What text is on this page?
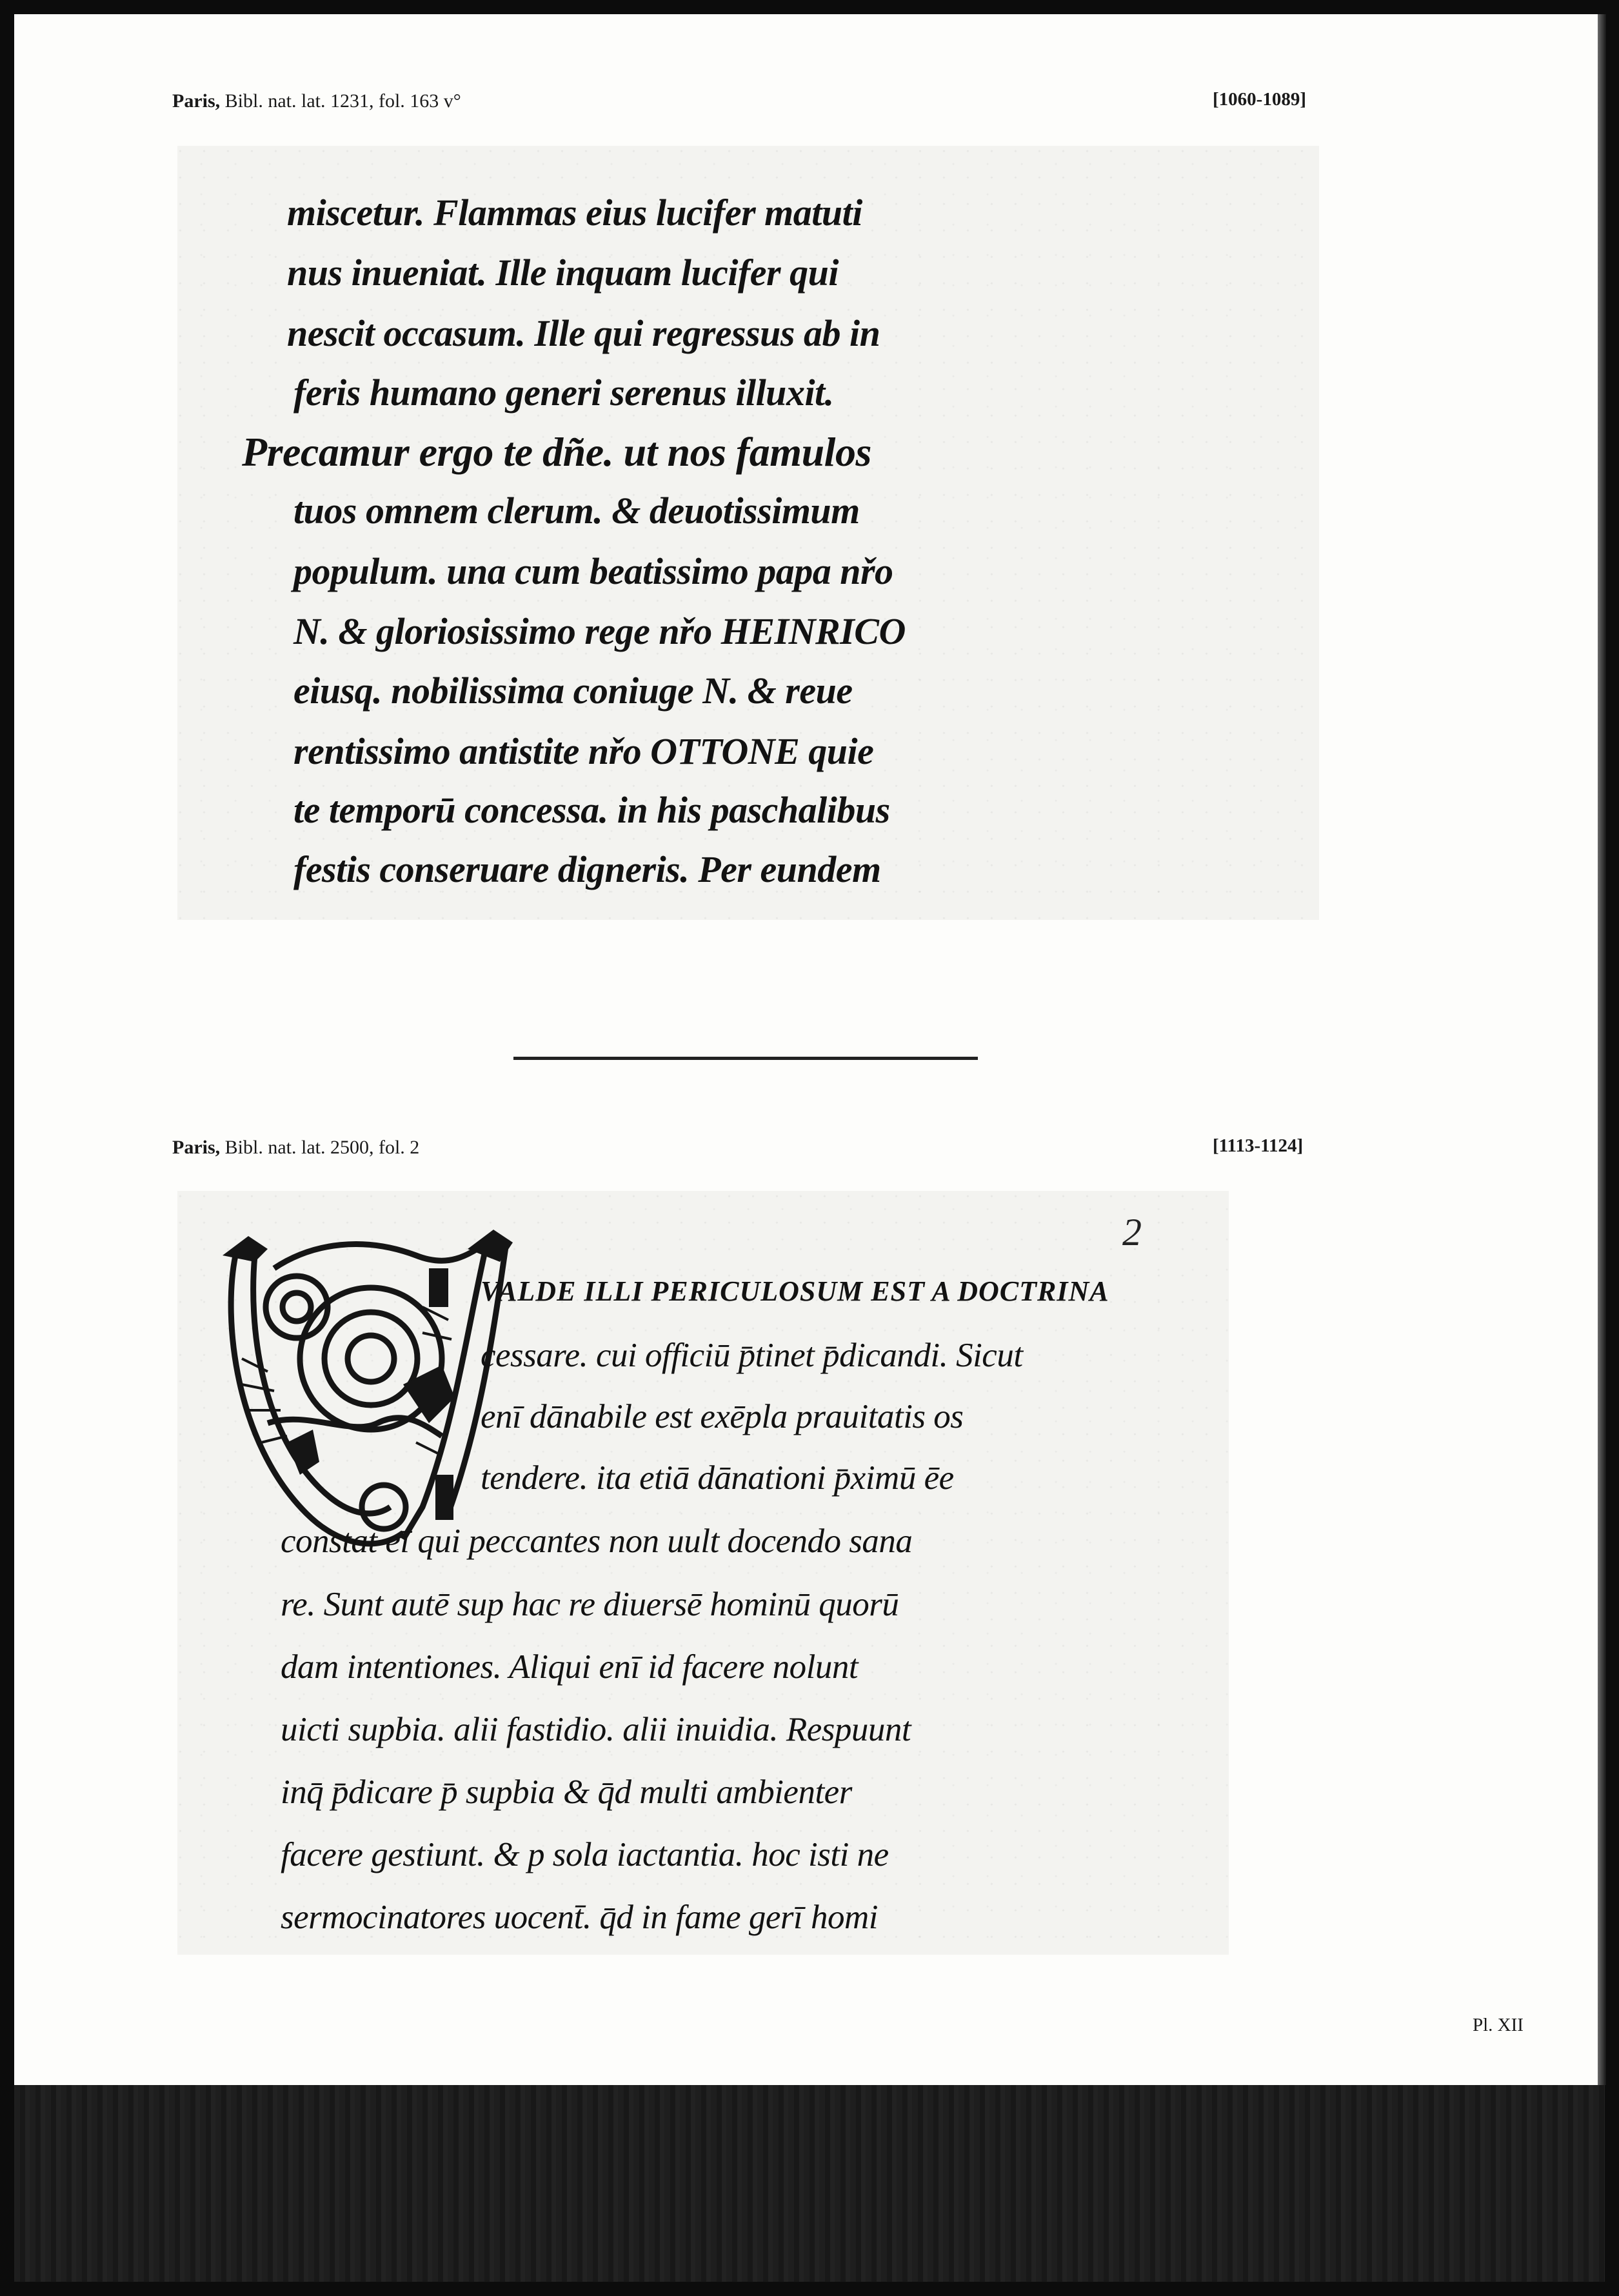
Paris, Bibl. nat. lat. 1231, fol. 163 v°	[1060-1089]
miscetur. Flammas eius lucifer matuti
nus inueniat. Ille inquam lucifer qui
nescit occasum. Ille qui regressus ab in
feris humano generi serenus illuxit.
Precamur ergo te dñe. ut nos famulos
tuos omnem clerum. & deuotissimum
populum. una cum beatissimo papa nřo
N. & gloriosissimo rege nřo HEINRICO
eiusq. nobilissima coniuge N. & reue
rentissimo antistite nřo OTTONE quie
te temporū concessa. in his paschalibus
festis conseruare digneris. Per eundem
Paris, Bibl. nat. lat. 2500, fol. 2	[1113-1124]
2
VALDE ILLI PERICULOSUM EST A DOCTRINA
cessare. cui officiū p̄tinet p̄dicandi. Sicut
enī dānabile est exēpla prauitatis os
tendere. ita etiā dānationi p̄ximū ēe
constat eī qui peccantes non uult docendo sana
re. Sunt autē sup hac re diuersē hominū quorū
dam intentiones. Aliqui enī id facere nolunt
uicti supbia. alii fastidio. alii inuidia. Respuunt
inq̄ p̄dicare p̄ supbia & q̄d multi ambienter
facere gestiunt. & p sola iactantia. hoc isti ne
sermocinatores uocent̄. q̄d in fame gerī homi
Pl. XII
